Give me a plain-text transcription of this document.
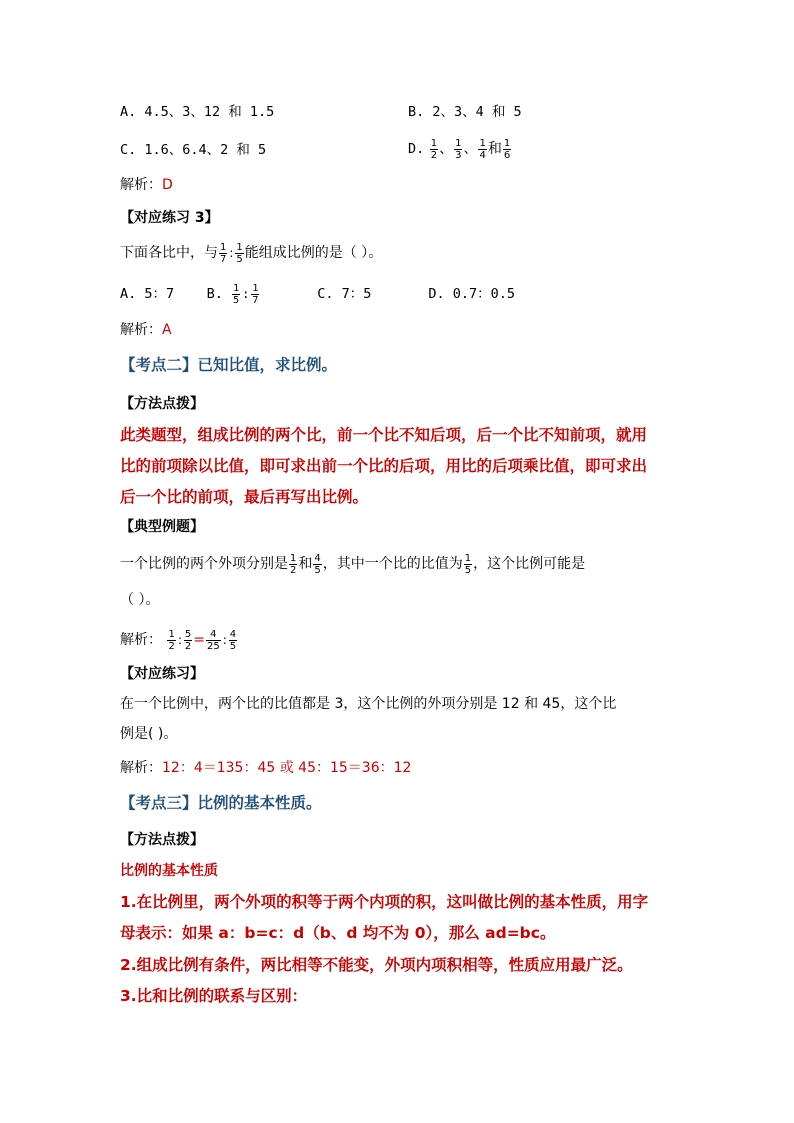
A. 4.5、3、12 和 1.5	B. 2、3、4 和 5
C. 1.6、6.4、2 和 5	D. $\frac{1}{2}$ 、 $\frac{1}{3}$ 、 $\frac{1}{4}$ 和 $\frac{1}{6}$
解析：D
【对应练习 3】
下面各比中，与 $\frac{1}{7}$ : $\frac{1}{5}$ 能组成比例的是（ ）。
A. 5：7 B. $\frac{1}{5}$ : $\frac{1}{7}$	C. 7：5	D. 0.7：0.5
解析：A
【考点二】已知比值，求比例。
【方法点拨】
此类题型，组成比例的两个比，前一个比不知后项，后一个比不知前项，就用
比的前项除以比值，即可求出前一个比的后项，用比的后项乘比值，即可求出
后一个比的前项，最后再写出比例。
【典型例题】
一个比例的两个外项分别是 $\frac{1}{2}$ 和 $\frac{4}{5}$ ，其中一个比的比值为 $\frac{1}{5}$ ，这个比例可能是
（ ）。
解析： $\frac{1}{2}$ : $\frac{5}{2} = \frac{4}{25}$ : $\frac{4}{5}$
【对应练习】
在一个比例中，两个比的比值都是 3，这个比例的外项分别是 12 和 45，这个比
例是( )。
解析：12：4＝135：45 或 45：15＝36：12
【考点三】比例的基本性质。
【方法点拨】
比例的基本性质
1.在比例里，两个外项的积等于两个内项的积，这叫做比例的基本性质，用字
母表示：如果 a：b=c：d（b、d 均不为 0），那么 ad=bc。
2.组成比例有条件，两比相等不能变，外项内项积相等，性质应用最广泛。
3.比和比例的联系与区别：
